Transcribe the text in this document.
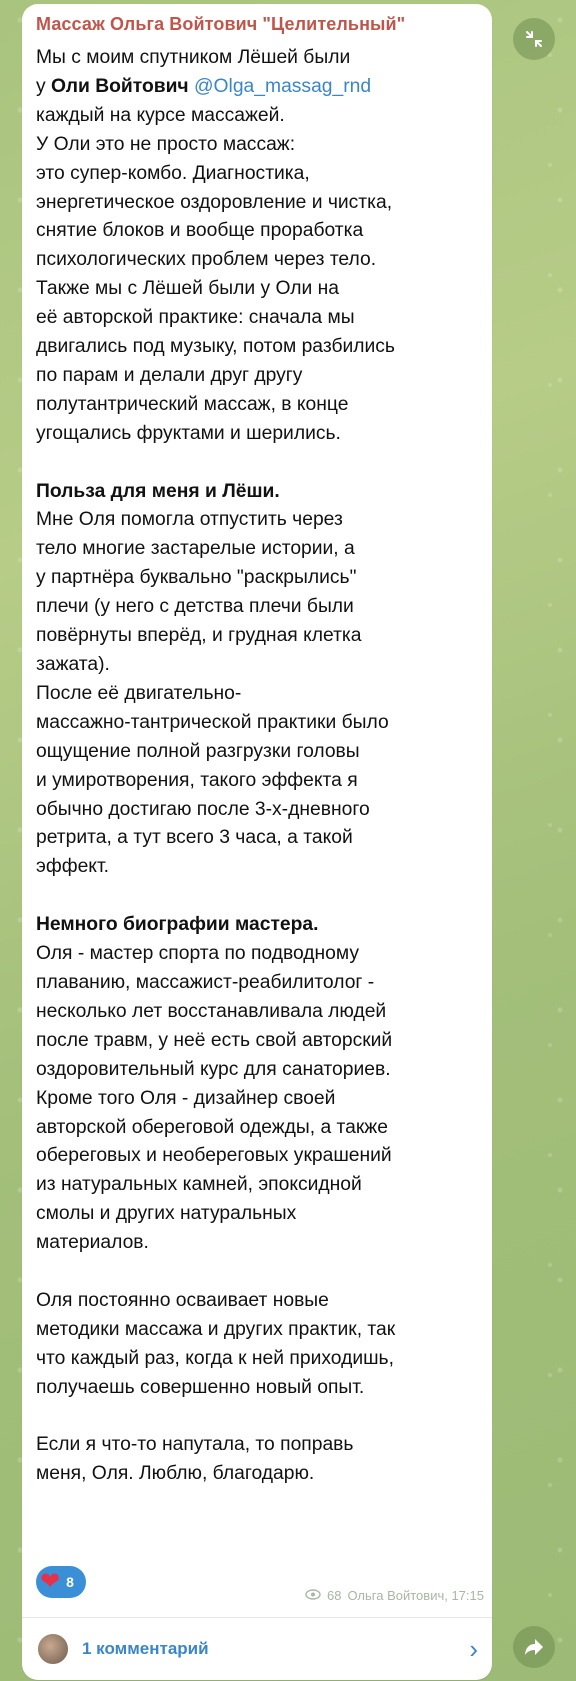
Массаж Ольга Войтович "Целительный"

Мы с моим спутником Лёшей были

у Оли Войтович @Olga_massag_rnd

каждый на курсе массажей.

У Оли это не просто массаж:

это супер-комбо. Диагностика,

энергетическое оздоровление и чистка,

снятие блоков и вообще проработка

психологических проблем через тело.

Также мы с Лёшей были у Оли на

её авторской практике: сначала мы

двигались под музыку, потом разбились

по парам и делали друг другу

полутантрический массаж, в конце

угощались фруктами и шерились.

Польза для меня и Лёши.

Мне Оля помогла отпустить через

тело многие застарелые истории, а

у партнёра буквально "раскрылись"

плечи (у него с детства плечи были

повёрнуты вперёд, и грудная клетка

зажата).

После её двигательно-

массажно-тантрической практики было

ощущение полной разгрузки головы

и умиротворения, такого эффекта я

обычно достигаю после 3-х-дневного

ретрита, а тут всего 3 часа, а такой

эффект.

Немного биографии мастера.

Оля - мастер спорта по подводному

плаванию, массажист-реабилитолог -

несколько лет восстанавливала людей

после травм, у неё есть свой авторский

оздоровительный курс для санаториев.

Кроме того Оля - дизайнер своей

авторской обереговой одежды, а также

обереговых и необереговых украшений

из натуральных камней, эпоксидной

смолы и других натуральных

материалов.

Оля постоянно осваивает новые

методики массажа и других практик, так

что каждый раз, когда к ней приходишь,

получаешь совершенно новый опыт.

Если я что-то напутала, то поправь

меня, Оля. Люблю, благодарю.

❤ 8
68 Ольга Войтович, 17:15
1 комментарий	›
